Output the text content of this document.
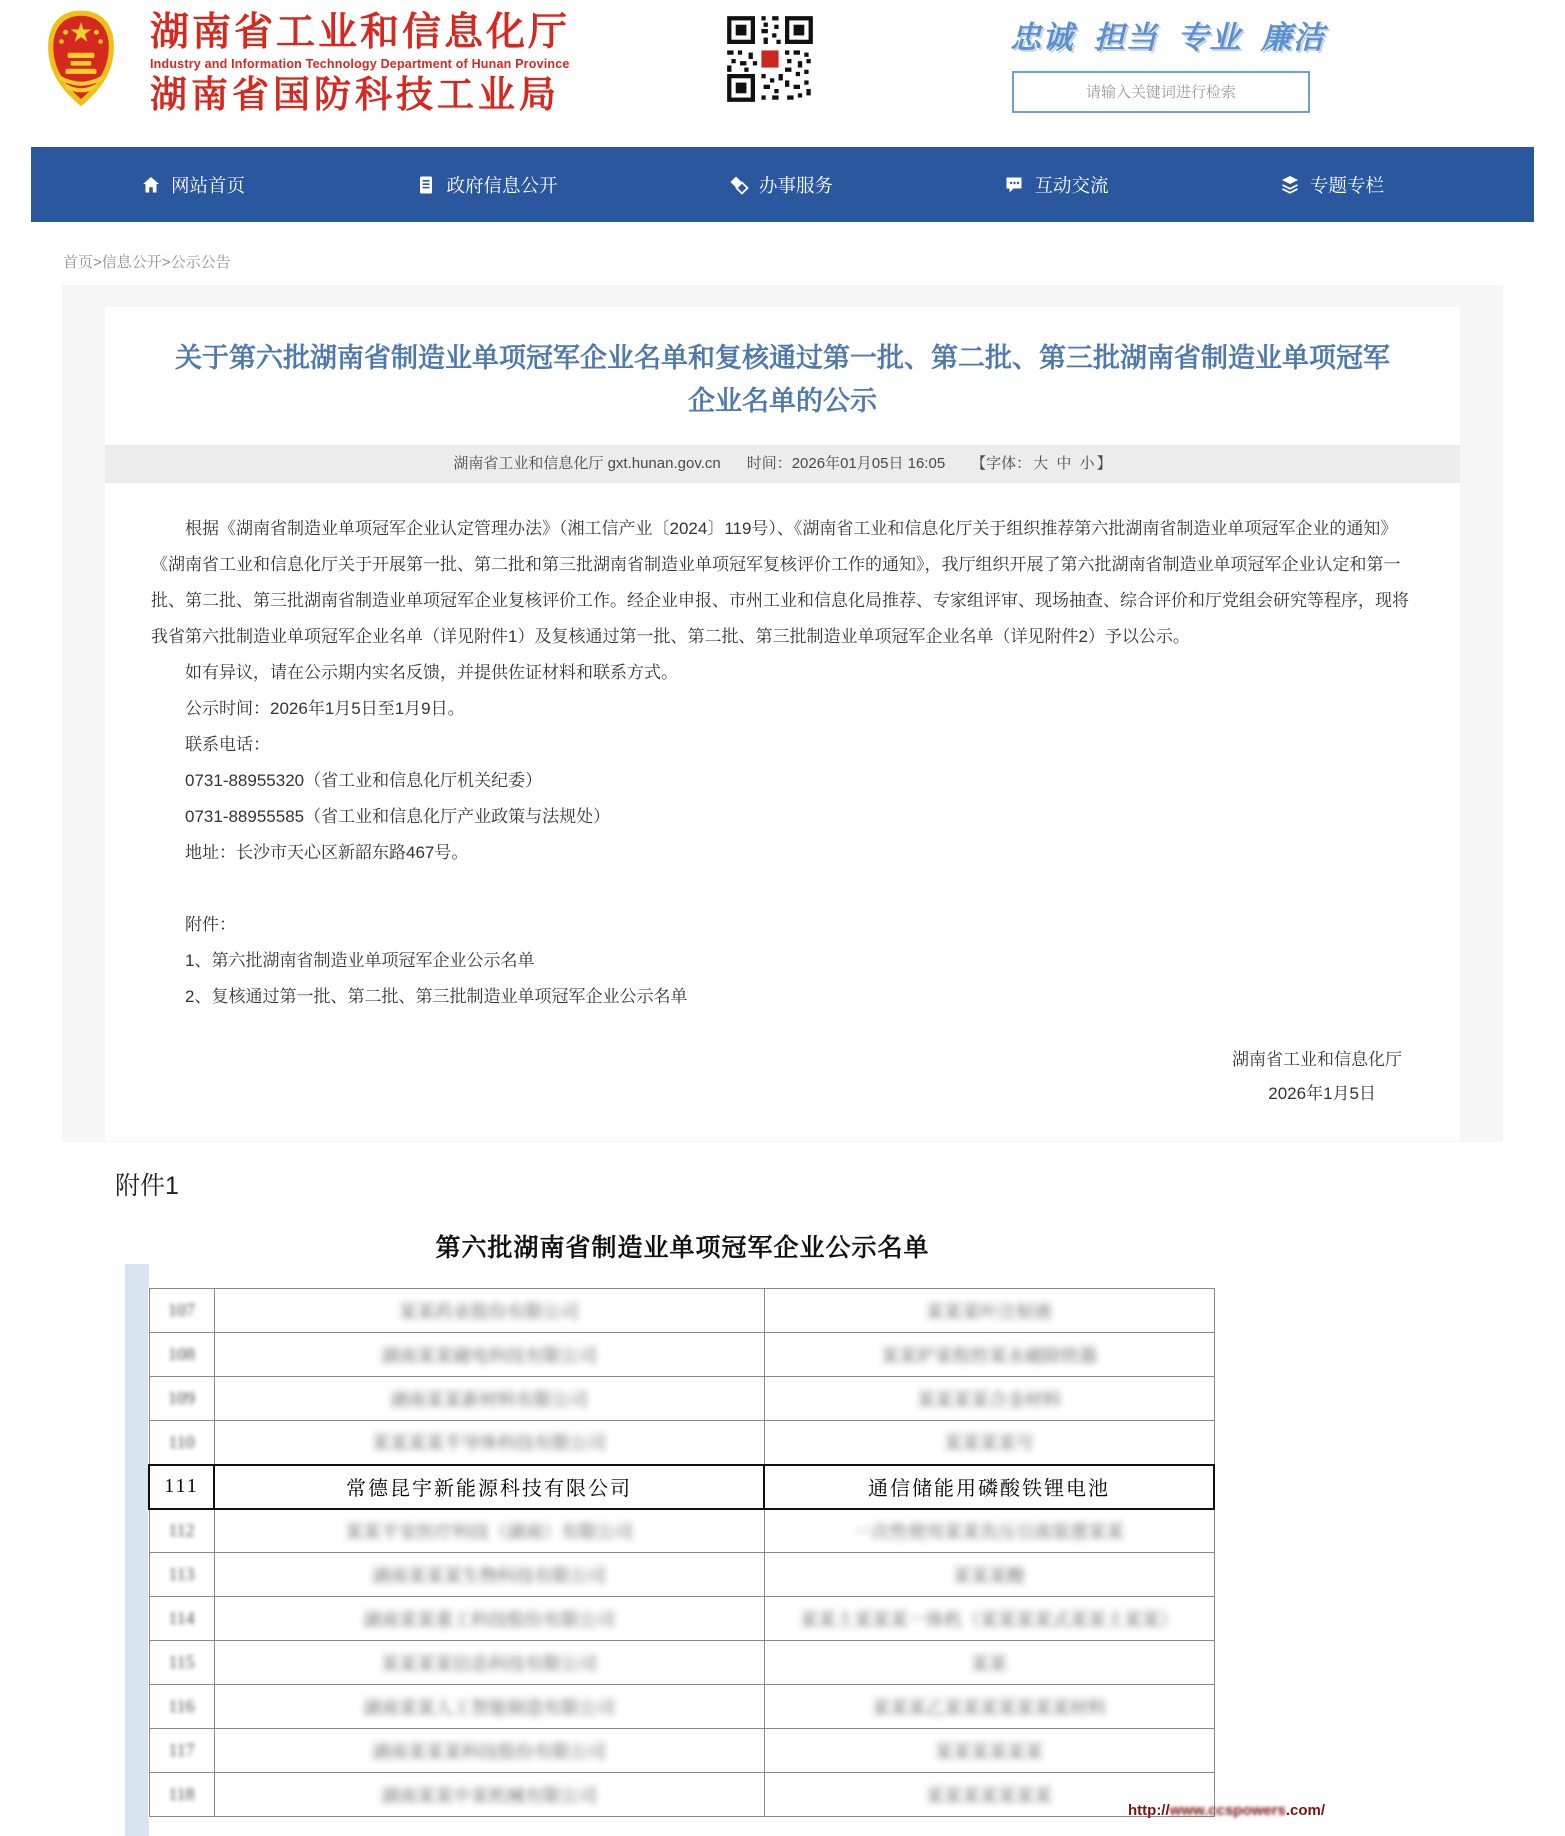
湖南省工业和信息化厅
Industry and Information Technology Department of Hunan Province
湖南省国防科技工业局
忠诚 担当 专业 廉洁
请输入关键词进行检索
网站首页	政府信息公开	办事服务	互动交流	专题专栏
首页>信息公开>公示公告
关于第六批湖南省制造业单项冠军企业名单和复核通过第一批、第二批、第三批湖南省制造业单项冠军企业名单的公示
湖南省工业和信息化厅 gxt.hunan.gov.cn 时间：2026年01月05日 16:05 【字体： 大 中 小 】

根据《湖南省制造业单项冠军企业认定管理办法》（湘工信产业〔2024〕119号）、《湖南省工业和信息化厅关于组织推荐第六批湖南省制造业单项冠军企业的通知》《湖南省工业和信息化厅关于开展第一批、第二批和第三批湖南省制造业单项冠军复核评价工作的通知》，我厅组织开展了第六批湖南省制造业单项冠军企业认定和第一批、第二批、第三批湖南省制造业单项冠军企业复核评价工作。经企业申报、市州工业和信息化局推荐、专家组评审、现场抽查、综合评价和厅党组会研究等程序，现将我省第六批制造业单项冠军企业名单（详见附件1）及复核通过第一批、第二批、第三批制造业单项冠军企业名单（详见附件2）予以公示。

如有异议，请在公示期内实名反馈，并提供佐证材料和联系方式。

公示时间：2026年1月5日至1月9日。

联系电话：

0731-88955320（省工业和信息化厅机关纪委）

0731-88955585（省工业和信息化厅产业政策与法规处）

地址：长沙市天心区新韶东路467号。

附件：

1、第六批湖南省制造业单项冠军企业公示名单

2、复核通过第一批、第二批、第三批制造业单项冠军企业公示名单

湖南省工业和信息化厅
2026年1月5日
附件1
第六批湖南省制造业单项冠军企业公示名单
107	某某药业股份有限公司	某某某叶注射液
108	湖南某某磁电科技有限公司	某某炉某程控某永磁除铁器
109	湖南某某新材料有限公司	某某某某合金材料
110	某某某某半导体科技有限公司	某某某某号
111	常德昆宇新能源科技有限公司	通信储能用磷酸铁锂电池
112	某某平安医疗科技（湖南）有限公司	一次性使用某某负压引流装置某某
113	湖南某某某生物科技有限公司	某某某酸
114	湖南某某重工科技股份有限公司	某某土某某某一体机（某某某某式某某土某某）
115	某某某某信息科技有限公司	某某
116	湖南某某人工智能制造有限公司	某某某乙某某某某某某某材料
117	湖南某某某科技股份有限公司	某某某某某某
118	湖南某某中某机械有限公司	某某某某某某某
http://www.ccspowers.com/
